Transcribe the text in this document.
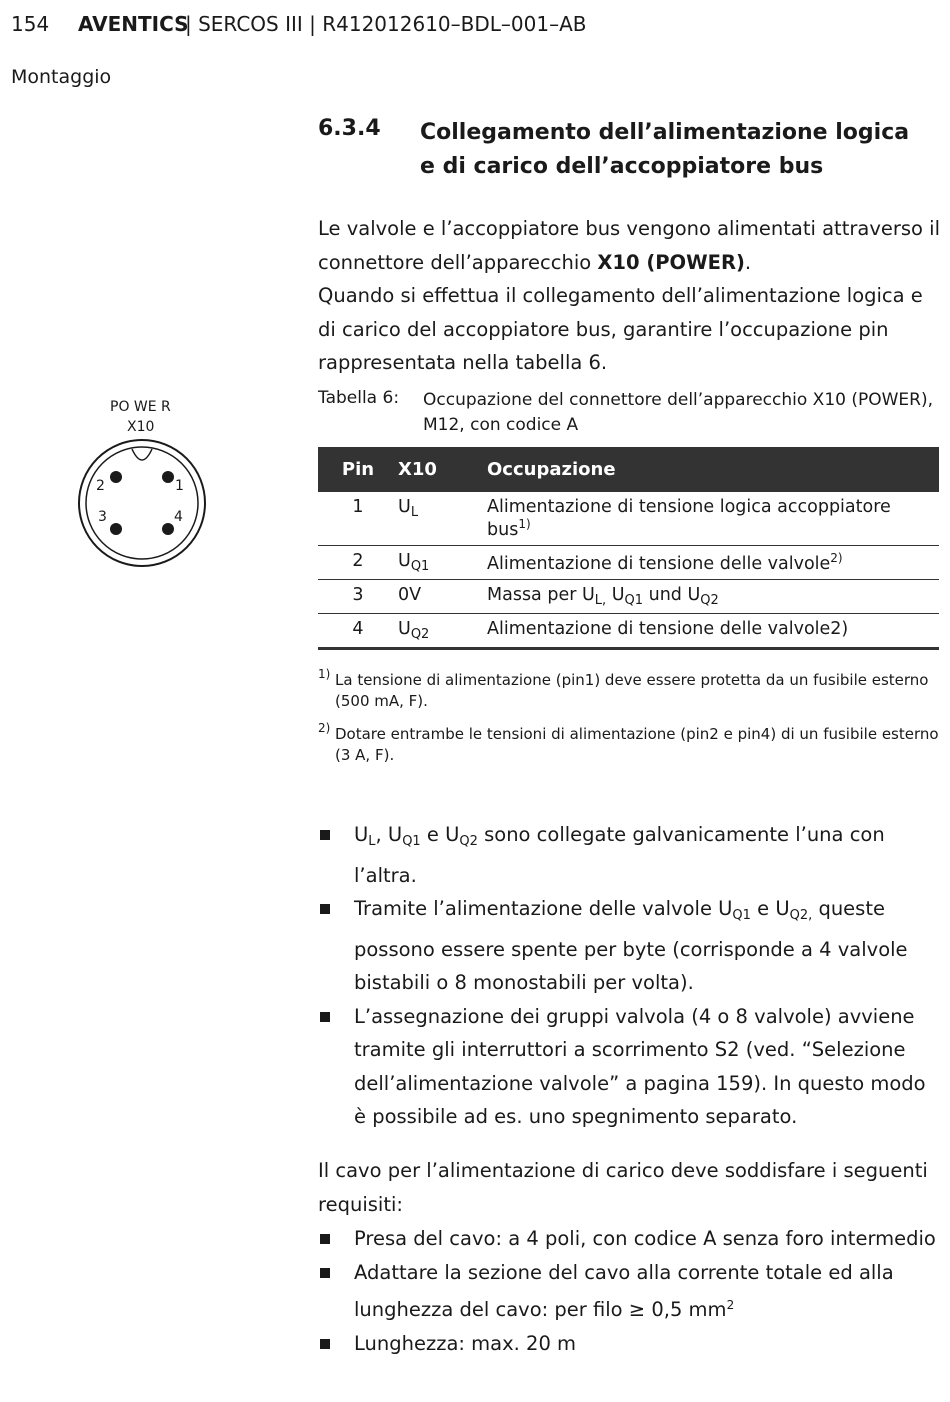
154 AVENTICS
| SERCOS III | R412012610–BDL–001–AB
Montaggio
6.3.4 Collegamento dell’alimentazione logica
e di carico dell’accoppiatore bus

Le valvole e l’accoppiatore bus vengono alimentati attraverso il connettore dell’apparecchio X10 (POWER).

Quando si effettua il collegamento dell’alimentazione logica e di carico del accoppiatore bus, garantire l’occupazione pin rappresentata nella tabella 6.

PO WE R
X10
2	1
3	4
Tabella 6: Occupazione del connettore dell’apparecchio X10 (POWER), M12, con codice A
Pin	X10	Occupazione
1	$U_L$	Alimentazione di tensione logica accoppiatore bus$^{1)}$
2	$U_{Q1}$	Alimentazione di tensione delle valvole$^{2)}$
3	0V	Massa per $U_{L,}$ $U_{Q1}$ und $U_{Q2}$
4	$U_{Q2}$	Alimentazione di tensione delle valvole2)
1) La tensione di alimentazione (pin1) deve essere protetta da un fusibile esterno (500 mA, F).
2) Dotare entrambe le tensioni di alimentazione (pin2 e pin4) di un fusibile esterno (3 A, F).

$U_L$, $U_{Q1}$ e $U_{Q2}$ sono collegate galvanicamente l’una con l’altra.

Tramite l’alimentazione delle valvole $U_{Q1}$ e $U_{Q2,}$ queste possono essere spente per byte (corrisponde a 4 valvole bistabili o 8 monostabili per volta).

L’assegnazione dei gruppi valvola (4 o 8 valvole) avviene tramite gli interruttori a scorrimento S2 (ved. “Selezione dell’alimentazione valvole” a pagina 159). In questo modo è possibile ad es. uno spegnimento separato.

Il cavo per l’alimentazione di carico deve soddisfare i seguenti requisiti:

Presa del cavo: a 4 poli, con codice A senza foro intermedio

Adattare la sezione del cavo alla corrente totale ed alla lunghezza del cavo: per filo ≥ 0,5 $mm^2$

Lunghezza: max. 20 m
